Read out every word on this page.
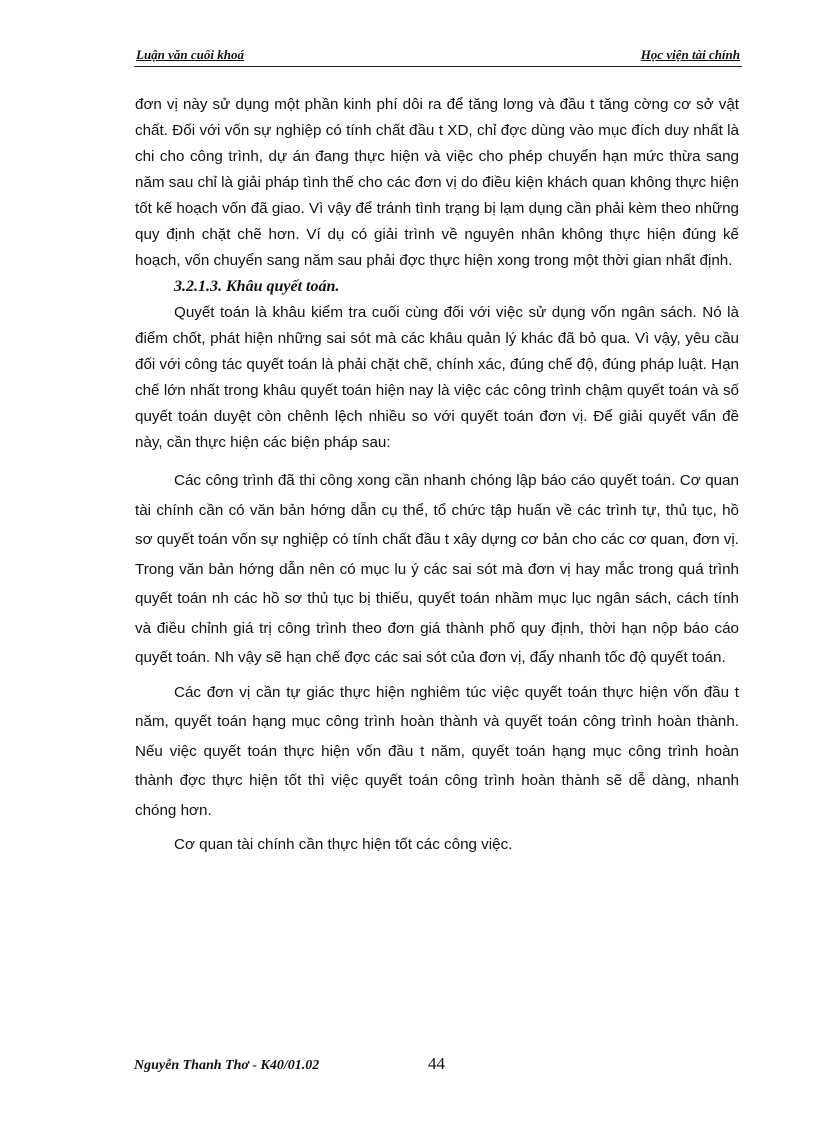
Luận văn cuối khoá	Học viện tài chính

đơn vị này sử dụng một phần kinh phí dôi ra để tăng lơng và đầu t tăng cờng cơ sở vật chất. Đối với vốn sự nghiệp có tính chất đầu t XD, chỉ đợc dùng vào mục đích duy nhất là chi cho công trình, dự án đang thực hiện và việc cho phép chuyển hạn mức thừa sang năm sau chỉ là giải pháp tình thế cho các đơn vị do điều kiện khách quan không thực hiện tốt kế hoạch vốn đã giao. Vì vậy để tránh tình trạng bị lạm dụng cần phải kèm theo những quy định chặt chẽ hơn. Ví dụ có giải trình về nguyên nhân không thực hiện đúng kế hoạch, vốn chuyển sang năm sau phải đợc thực hiện xong trong một thời gian nhất định.

3.2.1.3. Khâu quyết toán.

Quyết toán là khâu kiểm tra cuối cùng đối với việc sử dụng vốn ngân sách. Nó là điểm chốt, phát hiện những sai sót mà các khâu quản lý khác đã bỏ qua. Vì vậy, yêu cầu đối với công tác quyết toán là phải chặt chẽ, chính xác, đúng chế độ, đúng pháp luật. Hạn chế lớn nhất trong khâu quyết toán hiện nay là việc các công trình chậm quyết toán và số quyết toán duyệt còn chênh lệch nhiều so với quyết toán đơn vị. Để giải quyết vấn đề này, cần thực hiện các biện pháp sau:

Các công trình đã thi công xong cần nhanh chóng lập báo cáo quyết toán. Cơ quan tài chính cần có văn bản hớng dẫn cụ thể, tổ chức tập huấn về các trình tự, thủ tục, hồ sơ quyết toán vốn sự nghiệp có tính chất đầu t xây dựng cơ bản cho các cơ quan, đơn vị. Trong văn bản hớng dẫn nên có mục lu ý các sai sót mà đơn vị hay mắc trong quá trình quyết toán nh các hồ sơ thủ tục bị thiếu, quyết toán nhầm mục lục ngân sách, cách tính và điều chỉnh giá trị công trình theo đơn giá thành phố quy định, thời hạn nộp báo cáo quyết toán. Nh vậy sẽ hạn chế đợc các sai sót của đơn vị, đẩy nhanh tốc độ quyết toán.

Các đơn vị cần tự giác thực hiện nghiêm túc việc quyết toán thực hiện vốn đầu t năm, quyết toán hạng mục công trình hoàn thành và quyết toán công trình hoàn thành. Nếu việc quyết toán thực hiện vốn đầu t năm, quyết toán hạng mục công trình hoàn thành đợc thực hiện tốt thì việc quyết toán công trình hoàn thành sẽ dễ dàng, nhanh chóng hơn.

Cơ quan tài chính cần thực hiện tốt các công việc.

Nguyễn Thanh Thơ - K40/01.02	44
